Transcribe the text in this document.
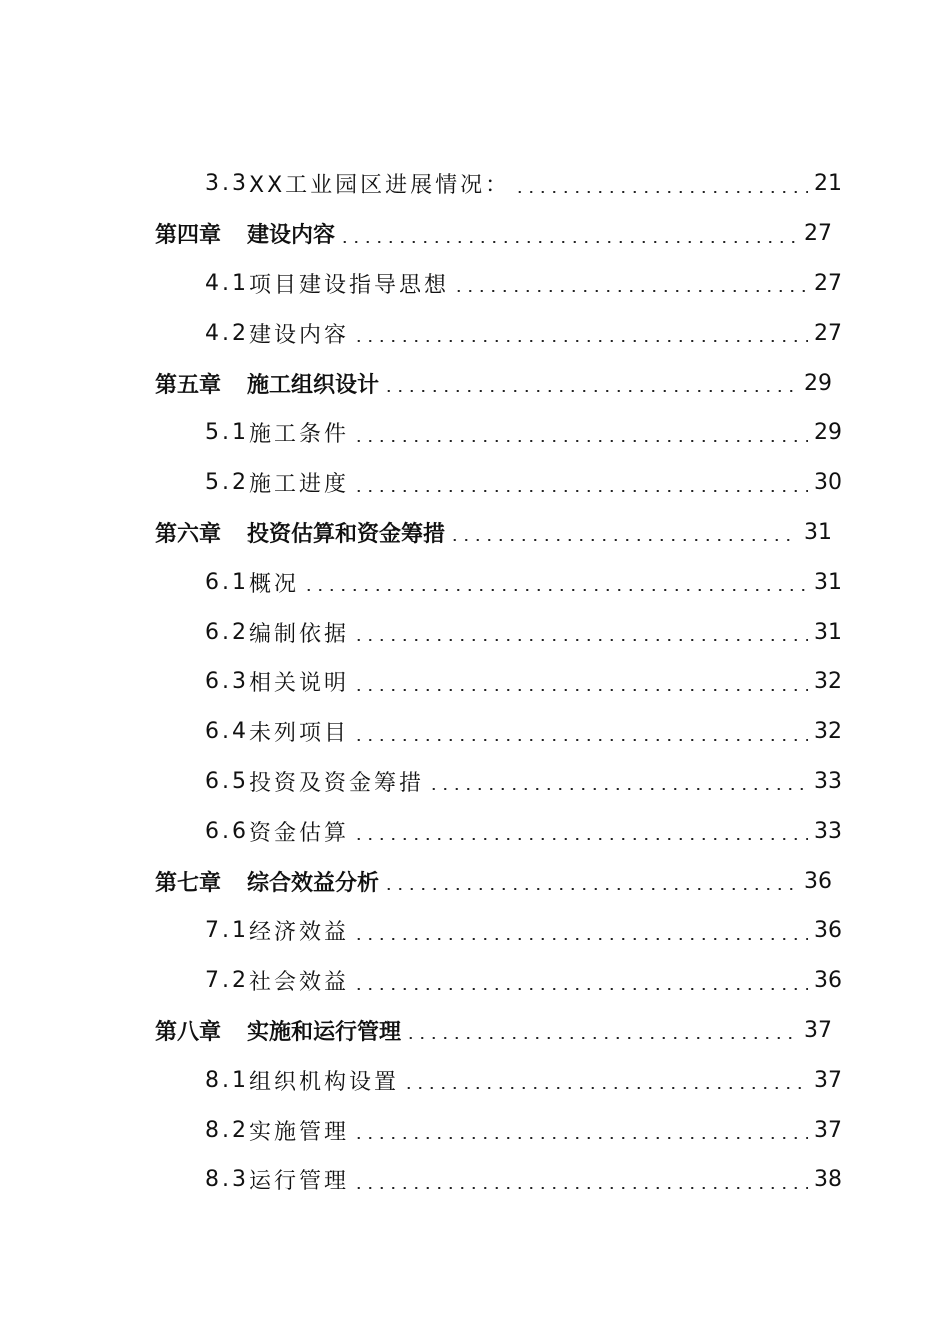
3.3 XX工业园区进展情况：	21
第四章 建设内容	27
4.1 项目建设指导思想	27
4.2 建设内容	27
第五章 施工组织设计	29
5.1 施工条件	29
5.2 施工进度	30
第六章 投资估算和资金筹措	31
6.1 概况	31
6.2 编制依据	31
6.3 相关说明	32
6.4 未列项目	32
6.5 投资及资金筹措	33
6.6 资金估算	33
第七章 综合效益分析	36
7.1 经济效益	36
7.2 社会效益	36
第八章 实施和运行管理	37
8.1 组织机构设置	37
8.2 实施管理	37
8.3 运行管理	38
